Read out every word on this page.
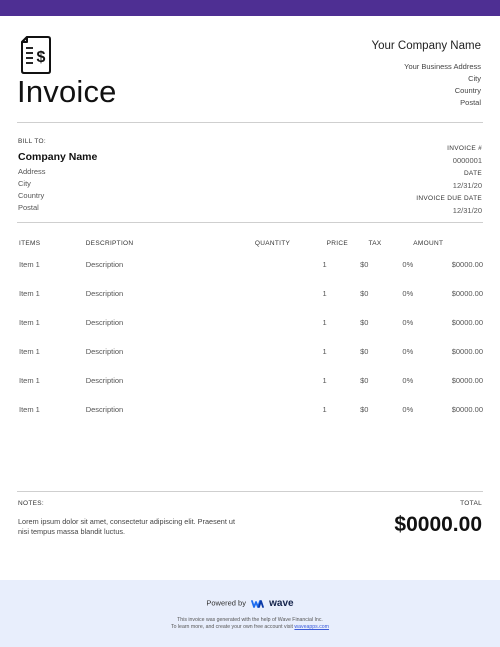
$
Invoice
Your Company Name
Your Business Address
City
Country
Postal
BILL TO:
Company Name
Address
City
Country
Postal
INVOICE #
0000001
DATE
12/31/20
INVOICE DUE DATE
12/31/20
ITEMS	DESCRIPTION	QUANTITY	PRICE	TAX	AMOUNT
Item 1	Description	1	$0	0%	$0000.00
Item 1	Description	1	$0	0%	$0000.00
Item 1	Description	1	$0	0%	$0000.00
Item 1	Description	1	$0	0%	$0000.00
Item 1	Description	1	$0	0%	$0000.00
Item 1	Description	1	$0	0%	$0000.00
NOTES:
Lorem ipsum dolor sit amet, consectetur adipiscing elit. Praesent ut nisi tempus massa blandit luctus.
TOTAL
$0000.00
Powered by wave
This invoice was generated with the help of Wave Financial Inc.
To learn more, and create your own free account visit waveapps.com
